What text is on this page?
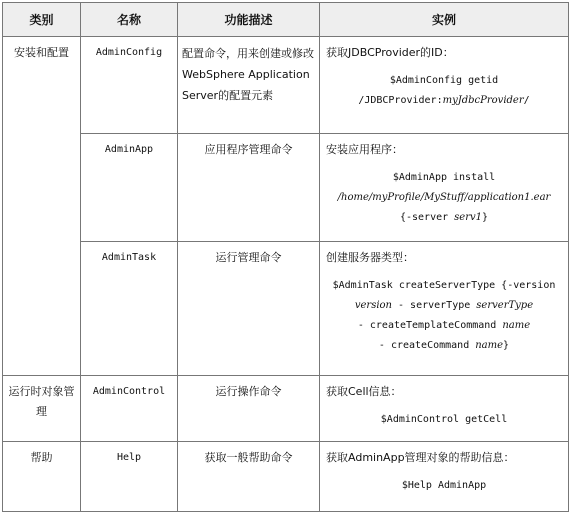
类别	名称	功能描述	实例

安装和配置	AdminConfig	配置命令，用来创建或修改 WebSphere Application Server的配置元素	获取JDBCProvider的ID：
$AdminConfig getid
/JDBCProvider:myJdbcProvider/

	AdminApp	应用程序管理命令	安装应用程序：
$AdminApp install
/home/myProfile/MyStuff/application1.ear
{-server serv1}

	AdminTask	运行管理命令	创建服务器类型：
$AdminTask createServerType {-version
version - serverType serverType
- createTemplateCommand name
- createCommand name}

运行时对象管理	AdminControl	运行操作命令	获取Cell信息：
$AdminControl getCell

帮助	Help	获取一般帮助命令	获取AdminApp管理对象的帮助信息：
$Help AdminApp
